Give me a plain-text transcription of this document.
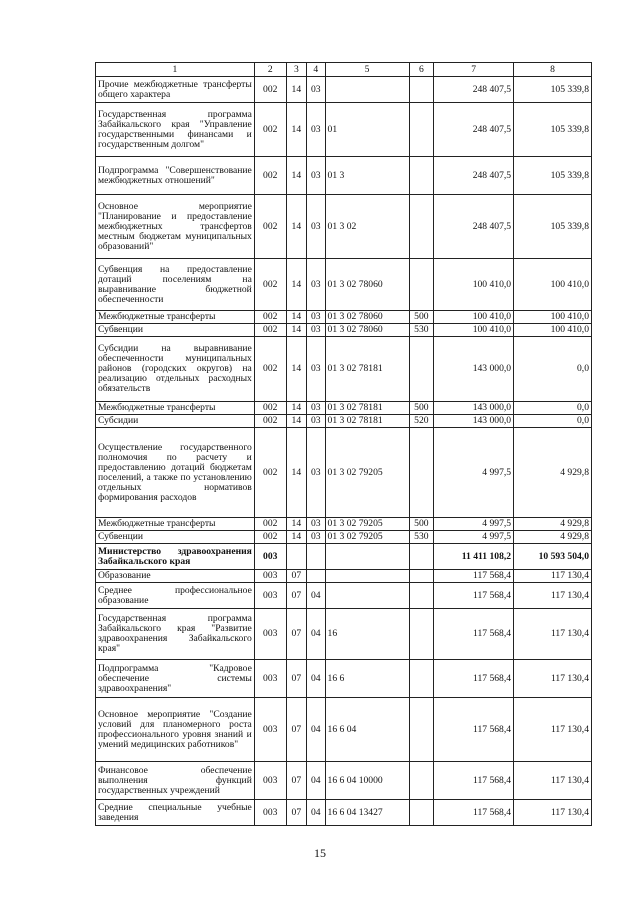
1	2	3	4	5	6	7	8
Прочие межбюджетные трансферты общего характера	002	14	03			248 407,5	105 339,8
Государственная программа Забайкальского края "Управление государственными финансами и государственным долгом"	002	14	03	01		248 407,5	105 339,8
Подпрограмма "Совершенствование межбюджетных отношений"	002	14	03	01 3		248 407,5	105 339,8
Основное мероприятие "Планирование и предоставление межбюджетных трансфертов местным бюджетам муниципальных образований"	002	14	03	01 3 02		248 407,5	105 339,8
Субвенция на предоставление дотаций поселениям на выравнивание бюджетной обеспеченности	002	14	03	01 3 02 78060		100 410,0	100 410,0
Межбюджетные трансферты	002	14	03	01 3 02 78060	500	100 410,0	100 410,0
Субвенции	002	14	03	01 3 02 78060	530	100 410,0	100 410,0
Субсидии на выравнивание обеспеченности муниципальных районов (городских округов) на реализацию отдельных расходных обязательств	002	14	03	01 3 02 78181		143 000,0	0,0
Межбюджетные трансферты	002	14	03	01 3 02 78181	500	143 000,0	0,0
Субсидии	002	14	03	01 3 02 78181	520	143 000,0	0,0
Осуществление государственного полномочия по расчету и предоставлению дотаций бюджетам поселений, а также по установлению отдельных нормативов формирования расходов	002	14	03	01 3 02 79205		4 997,5	4 929,8
Межбюджетные трансферты	002	14	03	01 3 02 79205	500	4 997,5	4 929,8
Субвенции	002	14	03	01 3 02 79205	530	4 997,5	4 929,8
Министерство здравоохранения Забайкальского края	003					11 411 108,2	10 593 504,0
Образование	003	07				117 568,4	117 130,4
Среднее профессиональное образование	003	07	04			117 568,4	117 130,4
Государственная программа Забайкальского края "Развитие здравоохранения Забайкальского края"	003	07	04	16		117 568,4	117 130,4
Подпрограмма "Кадровое обеспечение системы здравоохранения"	003	07	04	16 6		117 568,4	117 130,4
Основное мероприятие "Создание условий для планомерного роста профессионального уровня знаний и умений медицинских работников"	003	07	04	16 6 04		117 568,4	117 130,4
Финансовое обеспечение выполнения функций государственных учреждений	003	07	04	16 6 04 10000		117 568,4	117 130,4
Средние специальные учебные заведения	003	07	04	16 6 04 13427		117 568,4	117 130,4
15
